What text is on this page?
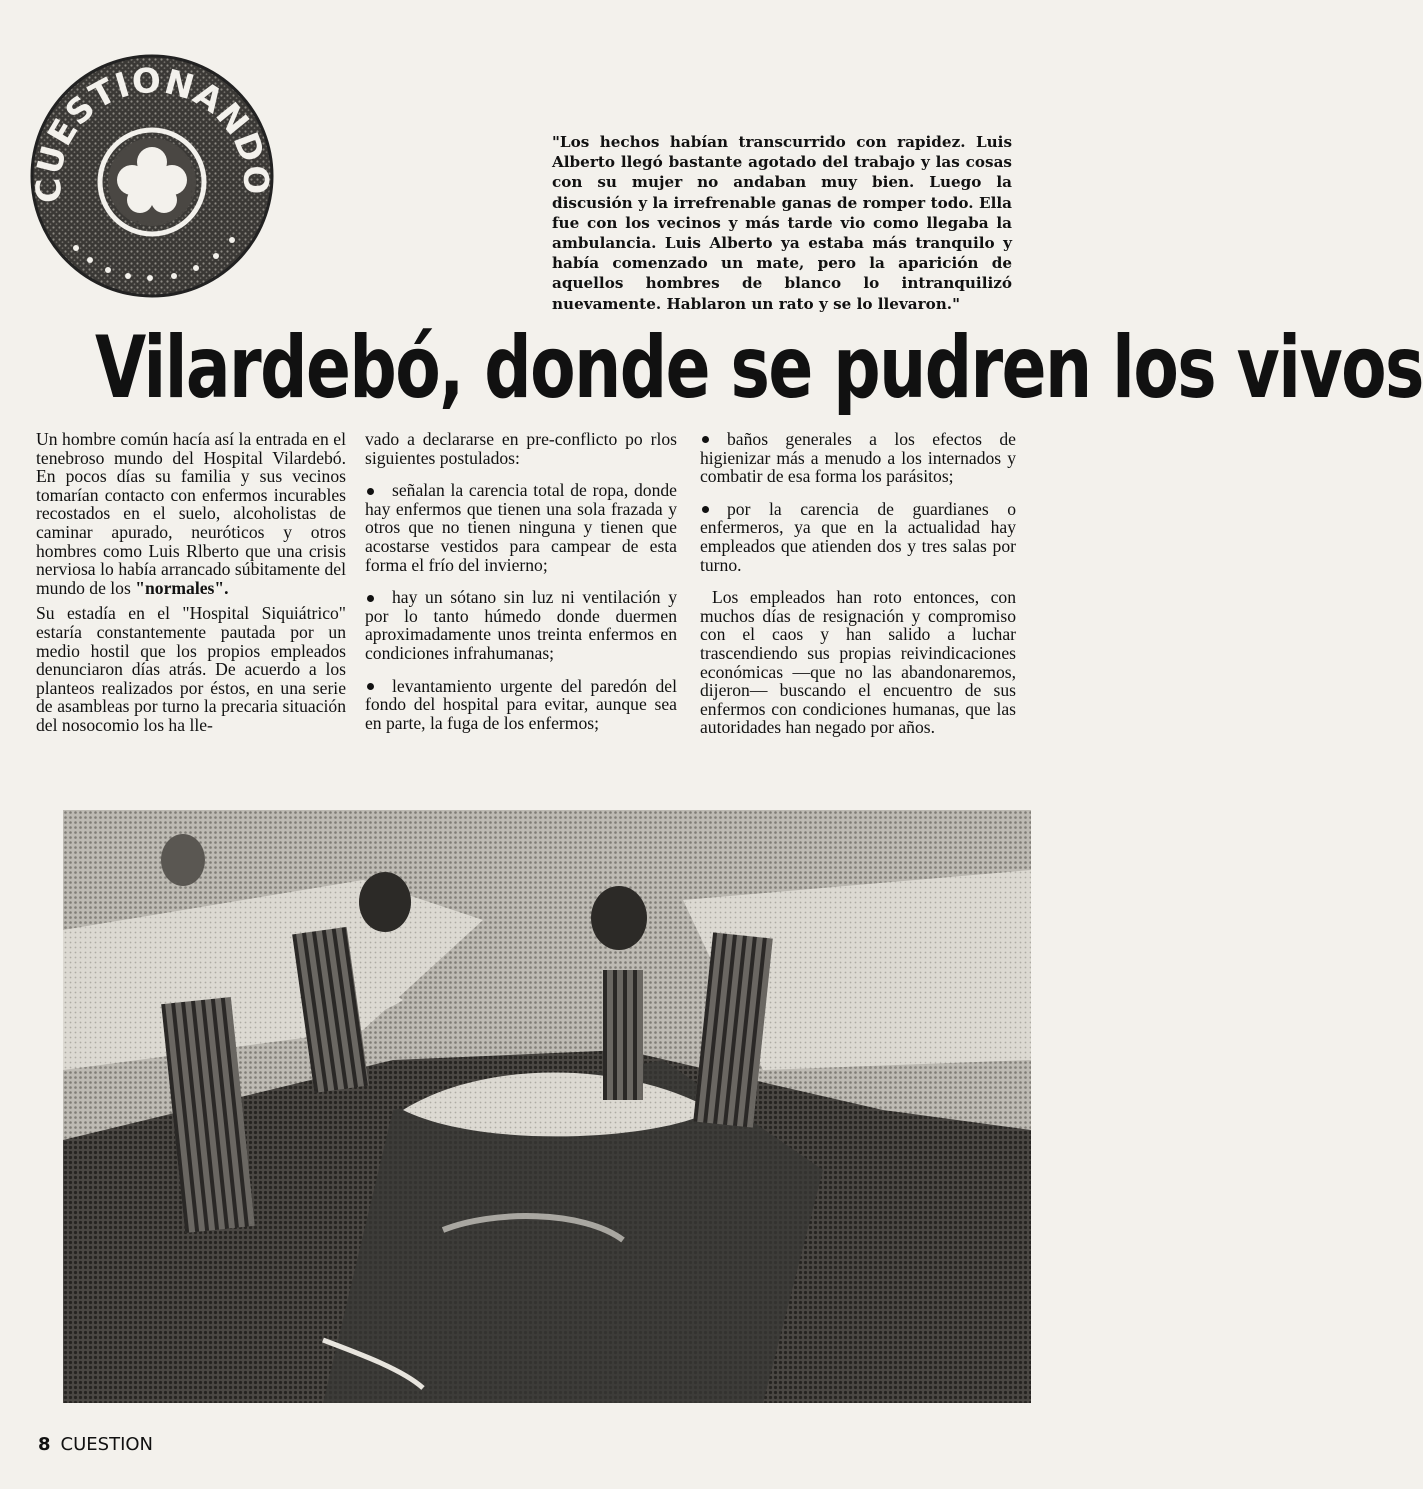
CUESTIONANDO

"Los hechos habían transcurrido con rapidez. Luis Alberto llegó bastante agotado del trabajo y las cosas con su mujer no andaban muy bien. Luego la discusión y la irrefrenable ganas de romper todo. Ella fue con los vecinos y más tarde vio como llegaba la ambulancia. Luis Alberto ya estaba más tranquilo y había comenzado un mate, pero la aparición de aquellos hombres de blanco lo intranquilizó nuevamente. Hablaron un rato y se lo llevaron."

Vilardebó, donde se pudren los vivos

Un hombre común hacía así la entrada en el tenebroso mundo del Hospital Vilardebó. En pocos días su familia y sus vecinos tomarían contacto con enfermos incurables recostados en el suelo, alcoholistas de caminar apurado, neuróticos y otros hombres como Luis Rlberto que una crisis nerviosa lo había arrancado súbitamente del mundo de los "normales".

Su estadía en el "Hospital Siquiátrico" estaría constantemente pautada por un medio hostil que los propios empleados denunciaron días atrás. De acuerdo a los planteos realizados por éstos, en una serie de asambleas por turno la precaria situación del nosocomio los ha lle-

vado a declararse en pre-conflicto po rlos siguientes postulados:

señalan la carencia total de ropa, donde hay enfermos que tienen una sola frazada y otros que no tienen ninguna y tienen que acostarse vestidos para campear de esta forma el frío del invierno;

hay un sótano sin luz ni ventilación y por lo tanto húmedo donde duermen aproximadamente unos treinta enfermos en condiciones infrahumanas;

levantamiento urgente del paredón del fondo del hospital para evitar, aunque sea en parte, la fuga de los enfermos;

baños generales a los efectos de higienizar más a menudo a los internados y combatir de esa forma los parásitos;

por la carencia de guardianes o enfermeros, ya que en la actualidad hay empleados que atienden dos y tres salas por turno.

Los empleados han roto entonces, con muchos días de resignación y compromiso con el caos y han salido a luchar trascendiendo sus propias reivindicaciones económicas —que no las abandonaremos, dijeron— buscando el encuentro de sus enfermos con condiciones humanas, que las autoridades han negado por años.

8 CUESTION
